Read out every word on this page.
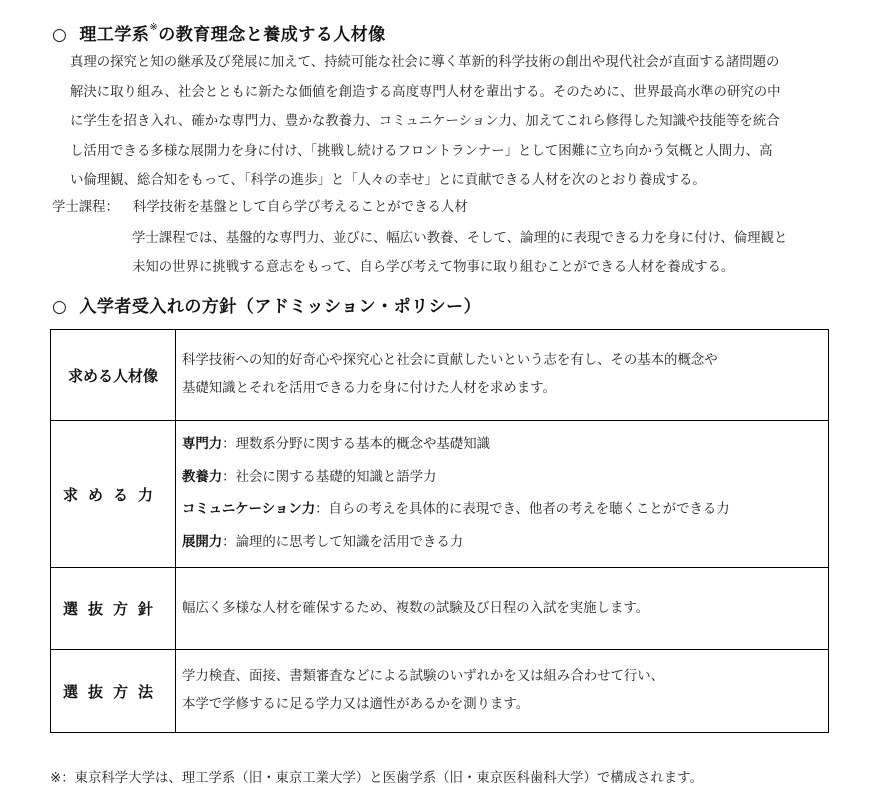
○ 理工学系※の教育理念と養成する人材像
真理の探究と知の継承及び発展に加えて、持続可能な社会に導く革新的科学技術の創出や現代社会が直面する諸問題の
解決に取り組み、社会とともに新たな価値を創造する高度専門人材を輩出する。そのために、世界最高水準の研究の中
に学生を招き入れ、確かな専門力、豊かな教養力、コミュニケーション力、加えてこれら修得した知識や技能等を統合
し活用できる多様な展開力を身に付け、「挑戦し続けるフロントランナー」として困難に立ち向かう気概と人間力、高
い倫理観、総合知をもって、「科学の進歩」と「人々の幸せ」とに貢献できる人材を次のとおり養成する。
学士課程： 科学技術を基盤として自ら学び考えることができる人材
学士課程では、基盤的な専門力、並びに、幅広い教養、そして、論理的に表現できる力を身に付け、倫理観と
未知の世界に挑戦する意志をもって、自ら学び考えて物事に取り組むことができる人材を養成する。
○ 入学者受入れの方針（アドミッション・ポリシー）
求める人材像	科学技術への知的好奇心や探究心と社会に貢献したいという志を有し、その基本的概念や
基礎知識とそれを活用できる力を身に付けた人材を求めます。

求める力	専門力：理数系分野に関する基本的概念や基礎知識
教養力：社会に関する基礎的知識と語学力
コミュニケーション力：自らの考えを具体的に表現でき、他者の考えを聴くことができる力
展開力：論理的に思考して知識を活用できる力

選抜方針	幅広く多様な人材を確保するため、複数の試験及び日程の入試を実施します。

選抜方法	学力検査、面接、書類審査などによる試験のいずれかを又は組み合わせて行い、
本学で学修するに足る学力又は適性があるかを測ります。
※：東京科学大学は、理工学系（旧・東京工業大学）と医歯学系（旧・東京医科歯科大学）で構成されます。
